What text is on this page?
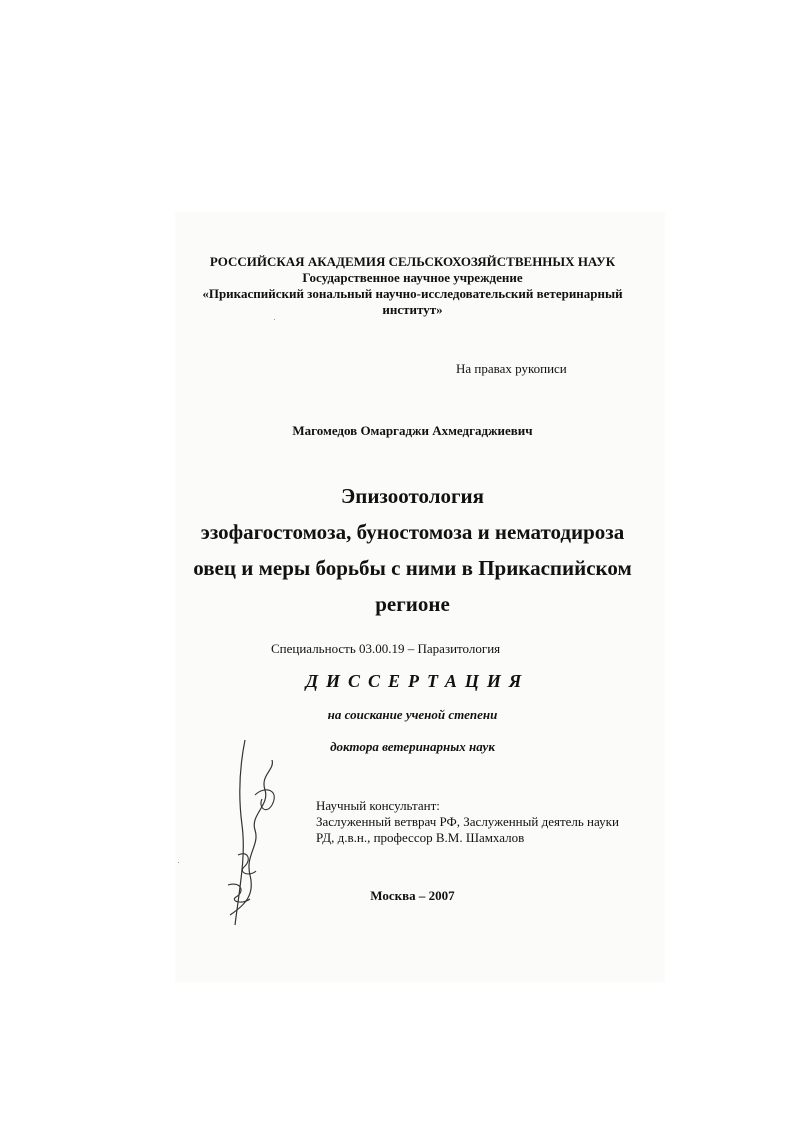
РОССИЙСКАЯ АКАДЕМИЯ СЕЛЬСКОХОЗЯЙСТВЕННЫХ НАУК
Государственное научное учреждение
«Прикаспийский зональный научно-исследовательский ветеринарный
институт»
На правах рукописи
Магомедов Омаргаджи Ахмедгаджиевич
Эпизоотология
эзофагостомоза, буностомоза и нематодироза
овец и меры борьбы с ними в Прикаспийском
регионе
Специальность 03.00.19 – Паразитология
ДИССЕРТАЦИЯ
на соискание ученой степени
доктора ветеринарных наук
Научный консультант:
Заслуженный ветврач РФ, Заслуженный деятель науки
РД, д.в.н., профессор В.М. Шамхалов
Москва – 2007
